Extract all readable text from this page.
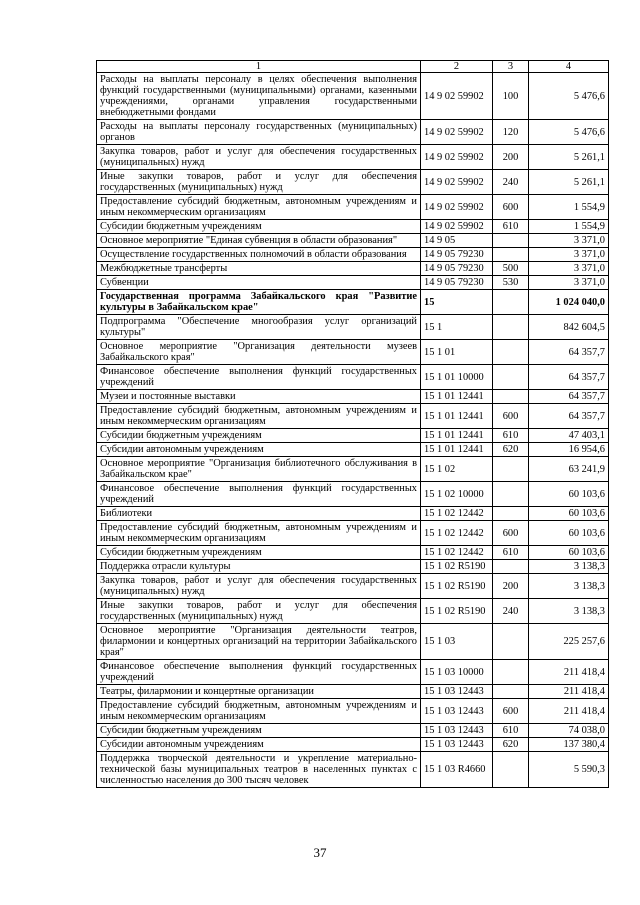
1	2	3	4
Расходы на выплаты персоналу в целях обеспечения выполнения функций государственными (муниципальными) органами, казенными учреждениями, органами управления государственными внебюджетными фондами	14 9 02 59902	100	5 476,6
Расходы на выплаты персоналу государственных (муниципальных) органов	14 9 02 59902	120	5 476,6
Закупка товаров, работ и услуг для обеспечения государственных (муниципальных) нужд	14 9 02 59902	200	5 261,1
Иные закупки товаров, работ и услуг для обеспечения государственных (муниципальных) нужд	14 9 02 59902	240	5 261,1
Предоставление субсидий бюджетным, автономным учреждениям и иным некоммерческим организациям	14 9 02 59902	600	1 554,9
Субсидии бюджетным учреждениям	14 9 02 59902	610	1 554,9
Основное мероприятие "Единая субвенция в области образования"	14 9 05		3 371,0
Осуществление государственных полномочий в области образования	14 9 05 79230		3 371,0
Межбюджетные трансферты	14 9 05 79230	500	3 371,0
Субвенции	14 9 05 79230	530	3 371,0
Государственная программа Забайкальского края "Развитие культуры в Забайкальском крае"	15		1 024 040,0
Подпрограмма "Обеспечение многообразия услуг организаций культуры"	15 1		842 604,5
Основное мероприятие "Организация деятельности музеев Забайкальского края"	15 1 01		64 357,7
Финансовое обеспечение выполнения функций государственных учреждений	15 1 01 10000		64 357,7
Музеи и постоянные выставки	15 1 01 12441		64 357,7
Предоставление субсидий бюджетным, автономным учреждениям и иным некоммерческим организациям	15 1 01 12441	600	64 357,7
Субсидии бюджетным учреждениям	15 1 01 12441	610	47 403,1
Субсидии автономным учреждениям	15 1 01 12441	620	16 954,6
Основное мероприятие "Организация библиотечного обслуживания в Забайкальском крае"	15 1 02		63 241,9
Финансовое обеспечение выполнения функций государственных учреждений	15 1 02 10000		60 103,6
Библиотеки	15 1 02 12442		60 103,6
Предоставление субсидий бюджетным, автономным учреждениям и иным некоммерческим организациям	15 1 02 12442	600	60 103,6
Субсидии бюджетным учреждениям	15 1 02 12442	610	60 103,6
Поддержка отрасли культуры	15 1 02 R5190		3 138,3
Закупка товаров, работ и услуг для обеспечения государственных (муниципальных) нужд	15 1 02 R5190	200	3 138,3
Иные закупки товаров, работ и услуг для обеспечения государственных (муниципальных) нужд	15 1 02 R5190	240	3 138,3
Основное мероприятие "Организация деятельности театров, филармонии и концертных организаций на территории Забайкальского края"	15 1 03		225 257,6
Финансовое обеспечение выполнения функций государственных учреждений	15 1 03 10000		211 418,4
Театры, филармонии и концертные организации	15 1 03 12443		211 418,4
Предоставление субсидий бюджетным, автономным учреждениям и иным некоммерческим организациям	15 1 03 12443	600	211 418,4
Субсидии бюджетным учреждениям	15 1 03 12443	610	74 038,0
Субсидии автономным учреждениям	15 1 03 12443	620	137 380,4
Поддержка творческой деятельности и укрепление материально-технической базы муниципальных театров в населенных пунктах с численностью населения до 300 тысяч человек	15 1 03 R4660		5 590,3
37
